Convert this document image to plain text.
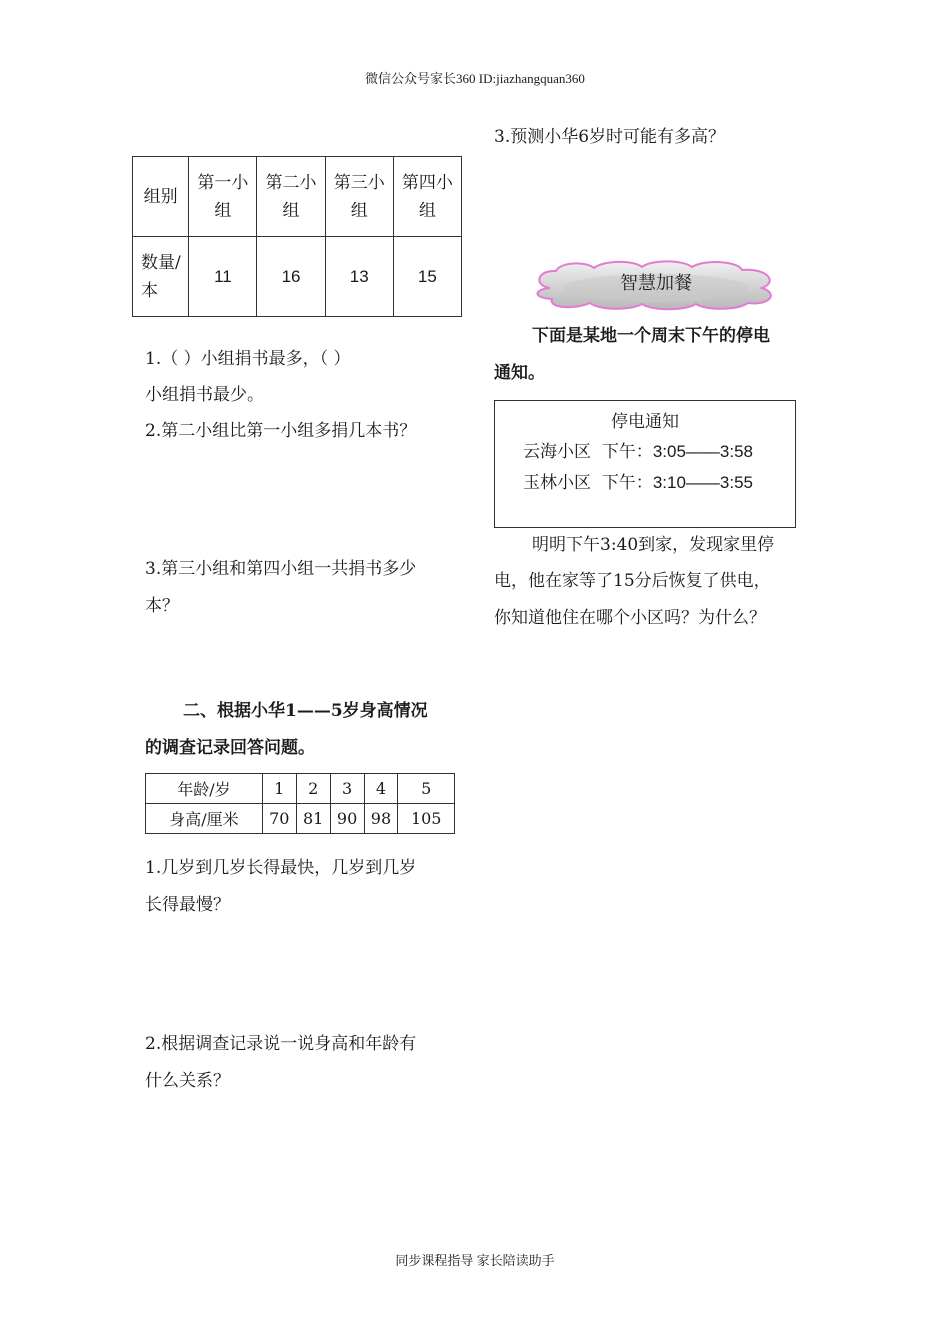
微信公众号家长360 ID:jiazhangquan360
同步课程指导 家长陪读助手
组别	第一小组	第二小组	第三小组	第四小组
数量/本	11	16	13	15
1.（ ）小组捐书最多，（ ）
小组捐书最少。
2.第二小组比第一小组多捐几本书？
3.第三小组和第四小组一共捐书多少
本？
二、根据小华1——5岁身高情况
的调查记录回答问题。
年龄/岁	1	2	3	4	5
身高/厘米	70	81	90	98	105
1.几岁到几岁长得最快，几岁到几岁
长得最慢？
2.根据调查记录说一说身高和年龄有
什么关系？
3.预测小华6岁时可能有多高？
智慧加餐
下面是某地一个周末下午的停电
通知。
停电通知
云海小区 下午：3:05——3:58
玉林小区 下午：3:10——3:55
明明下午3:40到家，发现家里停
电，他在家等了15分后恢复了供电，
你知道他住在哪个小区吗？为什么？
